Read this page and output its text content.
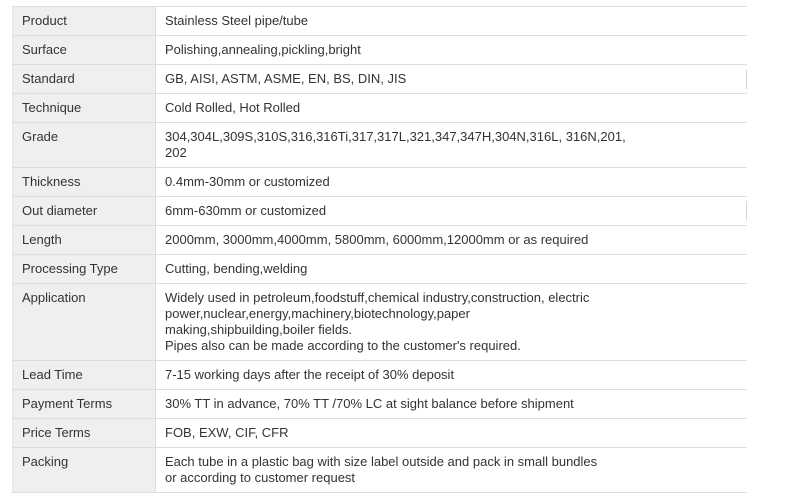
Product	Stainless Steel pipe/tube
Surface	Polishing,annealing,pickling,bright
Standard	GB, AISI, ASTM, ASME, EN, BS, DIN, JIS

Technique	Cold Rolled, Hot Rolled
Grade	304,304L,309S,310S,316,316Ti,317,317L,321,347,347H,304N,316L, 316N,201,
202
Thickness	0.4mm-30mm or customized
Out diameter	6mm-630mm or customized

Length	2000mm, 3000mm,4000mm, 5800mm, 6000mm,12000mm or as required
Processing Type	Cutting, bending,welding
Application	Widely used in petroleum,foodstuff,chemical industry,construction, electric
power,nuclear,energy,machinery,biotechnology,paper
making,shipbuilding,boiler fields.
Pipes also can be made according to the customer's required.
Lead Time	7-15 working days after the receipt of 30% deposit
Payment Terms	30% TT in advance, 70% TT /70% LC at sight balance before shipment
Price Terms	FOB, EXW, CIF, CFR
Packing	Each tube in a plastic bag with size label outside and pack in small bundles
or according to customer request
